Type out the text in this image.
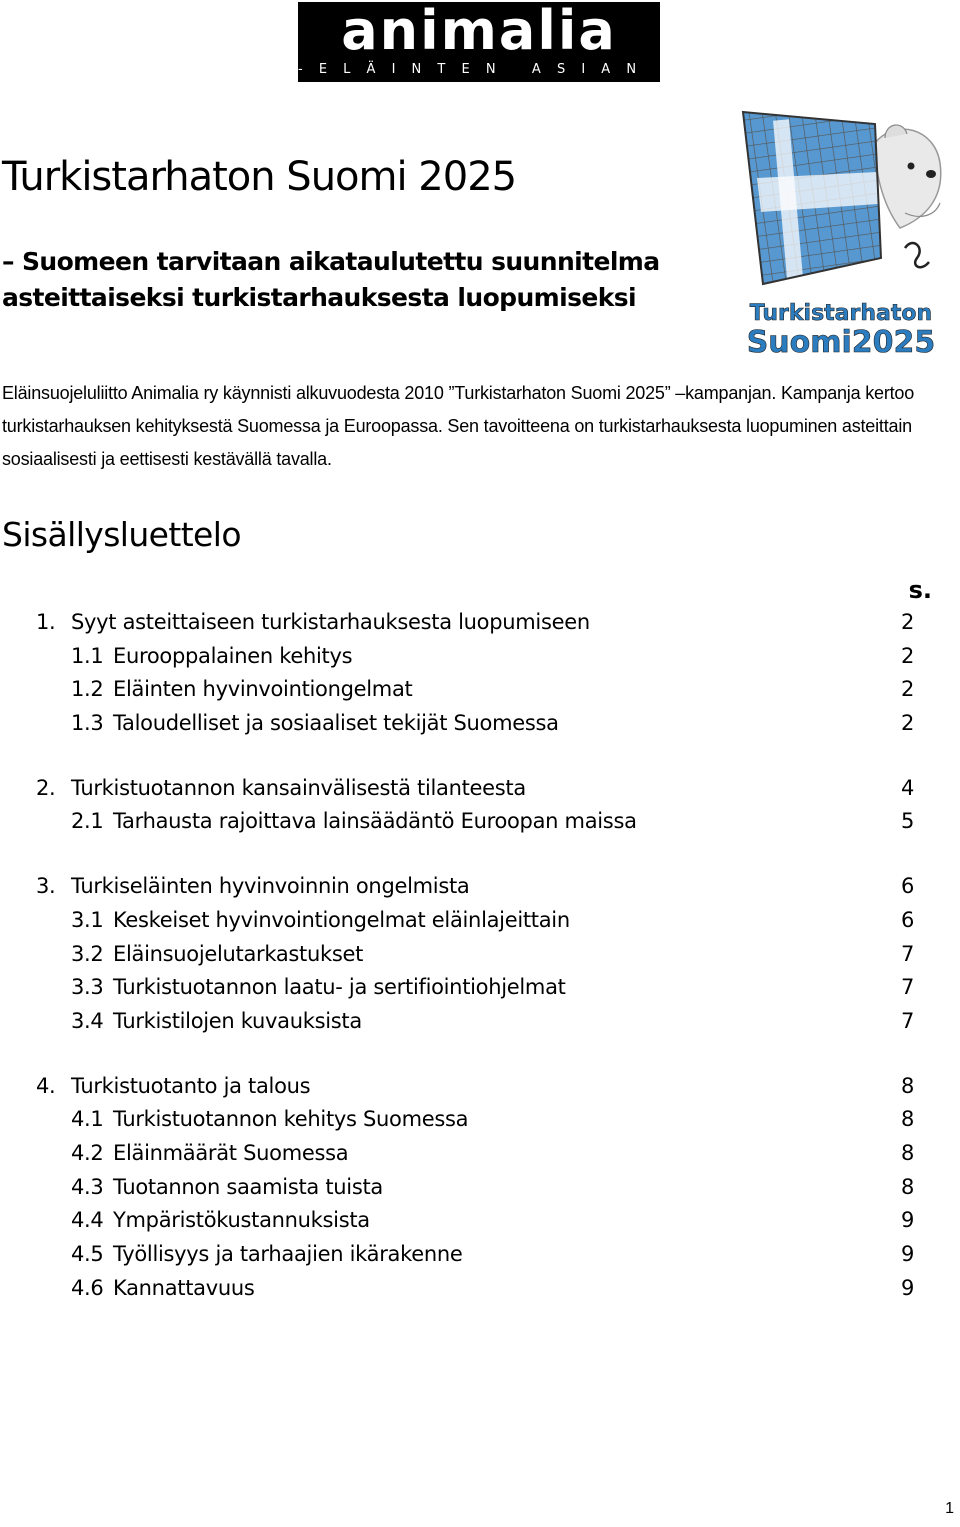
animalia
- E L Ä I N T E N   A S I A N   A J A J A -
Turkistarhaton
Suomi2025
Turkistarhaton Suomi 2025

– Suomeen tarvitaan aikataulutettu suunnitelma asteittaiseksi turkistarhauksesta luopumiseksi

Eläinsuojeluliitto Animalia ry käynnisti alkuvuodesta 2010 ”Turkistarhaton Suomi 2025” –kampanjan. Kampanja kertoo turkistarhauksen kehityksestä Suomessa ja Euroopassa. Sen tavoitteena on turkistarhauksesta luopuminen asteittain sosiaalisesti ja eettisesti kestävällä tavalla.

Sisällysluettelo
s.
1. Syyt asteittaiseen turkistarhauksesta luopumiseen	2
1.1 Eurooppalainen kehitys	2
1.2 Eläinten hyvinvointiongelmat	2
1.3 Taloudelliset ja sosiaaliset tekijät Suomessa	2
2. Turkistuotannon kansainvälisestä tilanteesta	4
2.1 Tarhausta rajoittava lainsäädäntö Euroopan maissa	5
3. Turkiseläinten hyvinvoinnin ongelmista	6
3.1 Keskeiset hyvinvointiongelmat eläinlajeittain	6
3.2 Eläinsuojelutarkastukset	7
3.3 Turkistuotannon laatu- ja sertifiointiohjelmat	7
3.4 Turkistilojen kuvauksista	7
4. Turkistuotanto ja talous	8
4.1 Turkistuotannon kehitys Suomessa	8
4.2 Eläinmäärät Suomessa	8
4.3 Tuotannon saamista tuista	8
4.4 Ympäristökustannuksista	9
4.5 Työllisyys ja tarhaajien ikärakenne	9
4.6 Kannattavuus	9
1
